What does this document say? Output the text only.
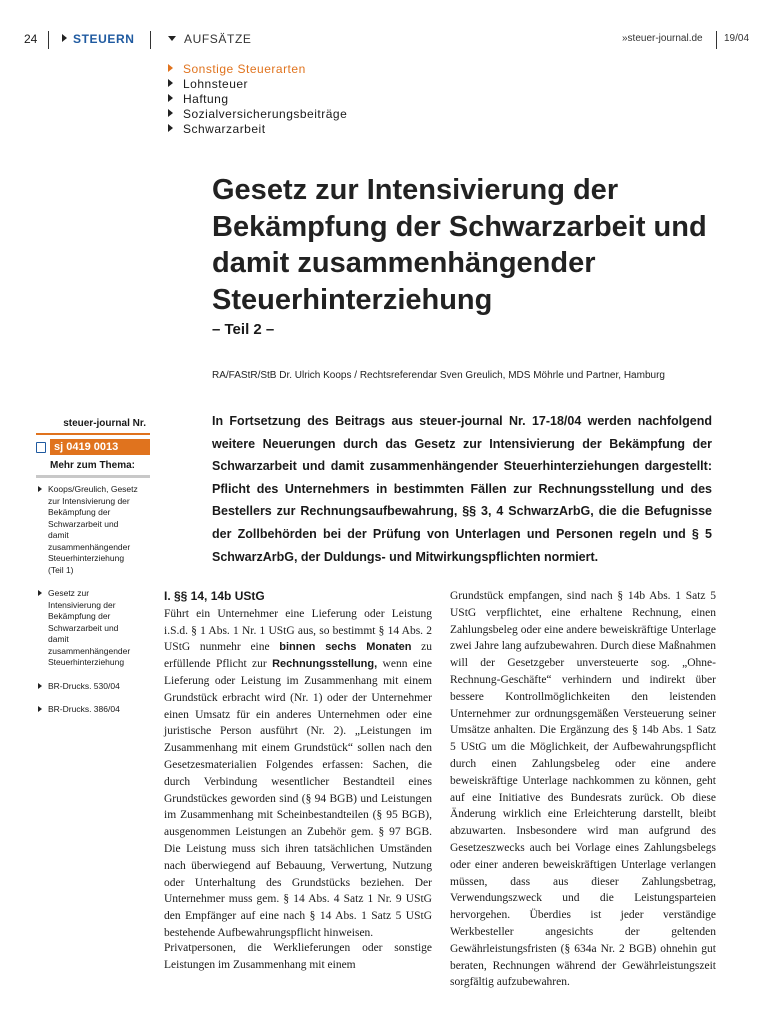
24	STEUERN	AUFSÄTZE	»steuer-journal.de 19/04
Sonstige Steuerarten
Lohnsteuer
Haftung
Sozialversicherungsbeiträge
Schwarzarbeit
Gesetz zur Intensivierung der Bekämpfung der Schwarzarbeit und damit zusammenhängender Steuerhinterziehung
– Teil 2 –
RA/FAStR/StB Dr. Ulrich Koops / Rechtsreferendar Sven Greulich, MDS Möhrle und Partner, Hamburg
In Fortsetzung des Beitrags aus steuer-journal Nr. 17-18/04 werden nachfolgend weitere Neuerungen durch das Gesetz zur Intensivierung der Bekämpfung der Schwarzarbeit und damit zusammenhängender Steuerhinterziehungen dargestellt: Pflicht des Unternehmers in bestimmten Fällen zur Rechnungsstellung und des Bestellers zur Rechnungsaufbewahrung, §§ 3, 4 SchwarzArbG, die die Befugnisse der Zollbehörden bei der Prüfung von Unterlagen und Personen regeln und § 5 SchwarzArbG, der Duldungs- und Mitwirkungspflichten normiert.
steuer-journal Nr.
sj 0419 0013
Mehr zum Thema:
Koops/Greulich, Gesetz zur Intensivierung der Bekämpfung der Schwarzarbeit und damit zusammenhängender Steuerhinterziehung (Teil 1)
Gesetz zur Intensivierung der Bekämpfung der Schwarzarbeit und damit zusammenhängender Steuerhinterziehung
BR-Drucks. 530/04
BR-Drucks. 386/04
I. §§ 14, 14b UStG

Führt ein Unternehmer eine Lieferung oder Leistung i.S.d. § 1 Abs. 1 Nr. 1 UStG aus, so bestimmt § 14 Abs. 2 UStG nunmehr eine binnen sechs Monaten zu erfüllende Pflicht zur Rechnungsstellung, wenn eine Lieferung oder Leistung im Zusammenhang mit einem Grundstück erbracht wird (Nr. 1) oder der Unternehmer einen Umsatz für ein anderes Unternehmen oder eine juristische Person ausführt (Nr. 2). „Leistungen im Zusammenhang mit einem Grundstück“ sollen nach den Gesetzesmaterialien Folgendes erfassen: Sachen, die durch Verbindung wesentlicher Bestandteil eines Grundstückes geworden sind (§ 94 BGB) und Leistungen im Zusammenhang mit Scheinbestandteilen (§ 95 BGB), ausgenommen Leistungen an Zubehör gem. § 97 BGB. Die Leistung muss sich ihren tatsächlichen Umständen nach überwiegend auf Bebauung, Verwertung, Nutzung oder Unterhaltung des Grundstücks beziehen. Der Unternehmer muss gem. § 14 Abs. 4 Satz 1 Nr. 9 UStG den Empfänger auf eine nach § 14 Abs. 1 Satz 5 UStG bestehende Aufbewahrungspflicht hinweisen.

Privatpersonen, die Werklieferungen oder sonstige Leistungen im Zusammenhang mit einem

Grundstück empfangen, sind nach § 14b Abs. 1 Satz 5 UStG verpflichtet, eine erhaltene Rechnung, einen Zahlungsbeleg oder eine andere beweiskräftige Unterlage zwei Jahre lang aufzubewahren. Durch diese Maßnahmen will der Gesetzgeber unversteuerte sog. „Ohne-Rechnung-Geschäfte“ verhindern und indirekt über bessere Kontrollmöglichkeiten den leistenden Unternehmer zur ordnungsgemäßen Versteuerung seiner Umsätze anhalten. Die Ergänzung des § 14b Abs. 1 Satz 5 UStG um die Möglichkeit, der Aufbewahrungspflicht durch einen Zahlungsbeleg oder eine andere beweiskräftige Unterlage nachkommen zu können, geht auf eine Initiative des Bundesrats zurück. Ob diese Änderung wirklich eine Erleichterung darstellt, bleibt abzuwarten. Insbesondere wird man aufgrund des Gesetzeszwecks auch bei Vorlage eines Zahlungsbelegs oder einer anderen beweiskräftigen Unterlage verlangen müssen, dass aus dieser Zahlungsbetrag, Verwendungszweck und die Leistungsparteien hervorgehen. Überdies ist jeder verständige Werkbesteller angesichts der geltenden Gewährleistungsfristen (§ 634a Nr. 2 BGB) ohnehin gut beraten, Rechnungen während der Gewährleistungszeit sorgfältig aufzubewahren.
